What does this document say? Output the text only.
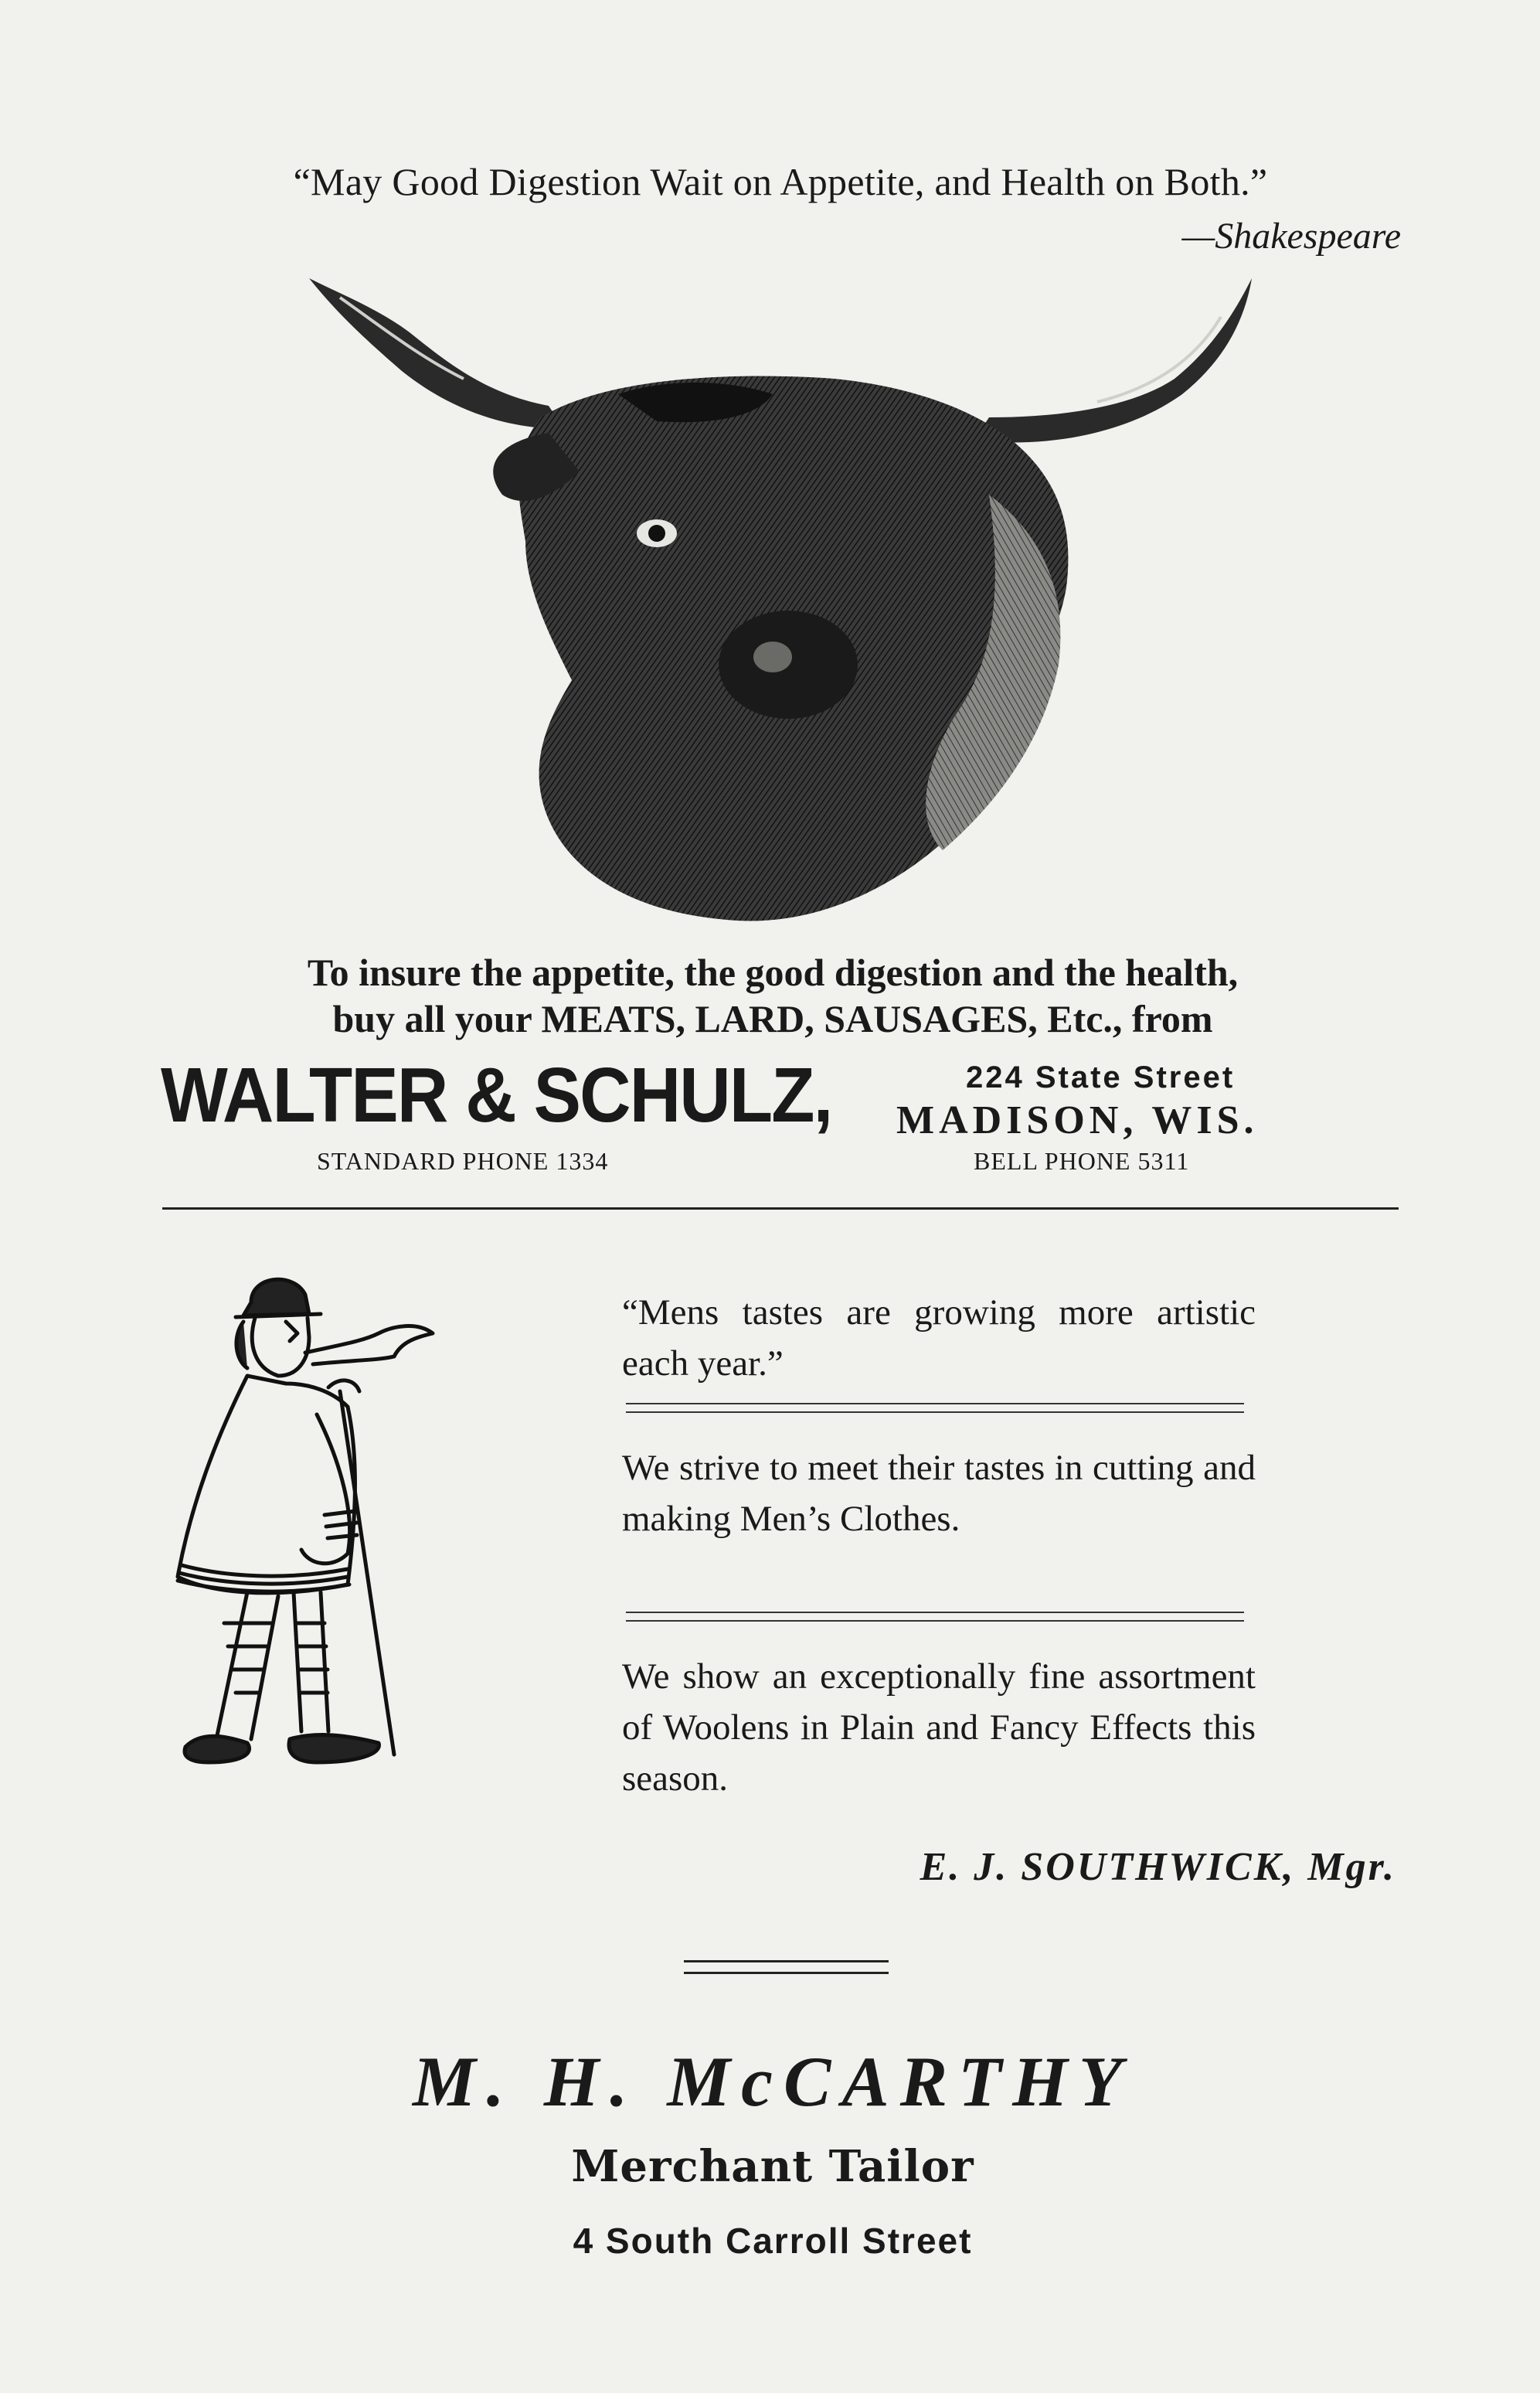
“May Good Digestion Wait on Appetite, and Health on Both.”
—Shakespeare
To insure the appetite, the good digestion and the health,
buy all your MEATS, LARD, SAUSAGES, Etc., from
WALTER & SCHULZ,	224 State Street
MADISON, WIS.
STANDARD PHONE 1334	BELL PHONE 5311
“Mens tastes are growing more artistic each year.”
We strive to meet their tastes in cutting and making Men’s Clothes.
We show an exceptionally fine assortment of Woolens in Plain and Fancy Effects this season.
E. J. SOUTHWICK, Mgr.
M. H. McCARTHY
Merchant Tailor
4 South Carroll Street
